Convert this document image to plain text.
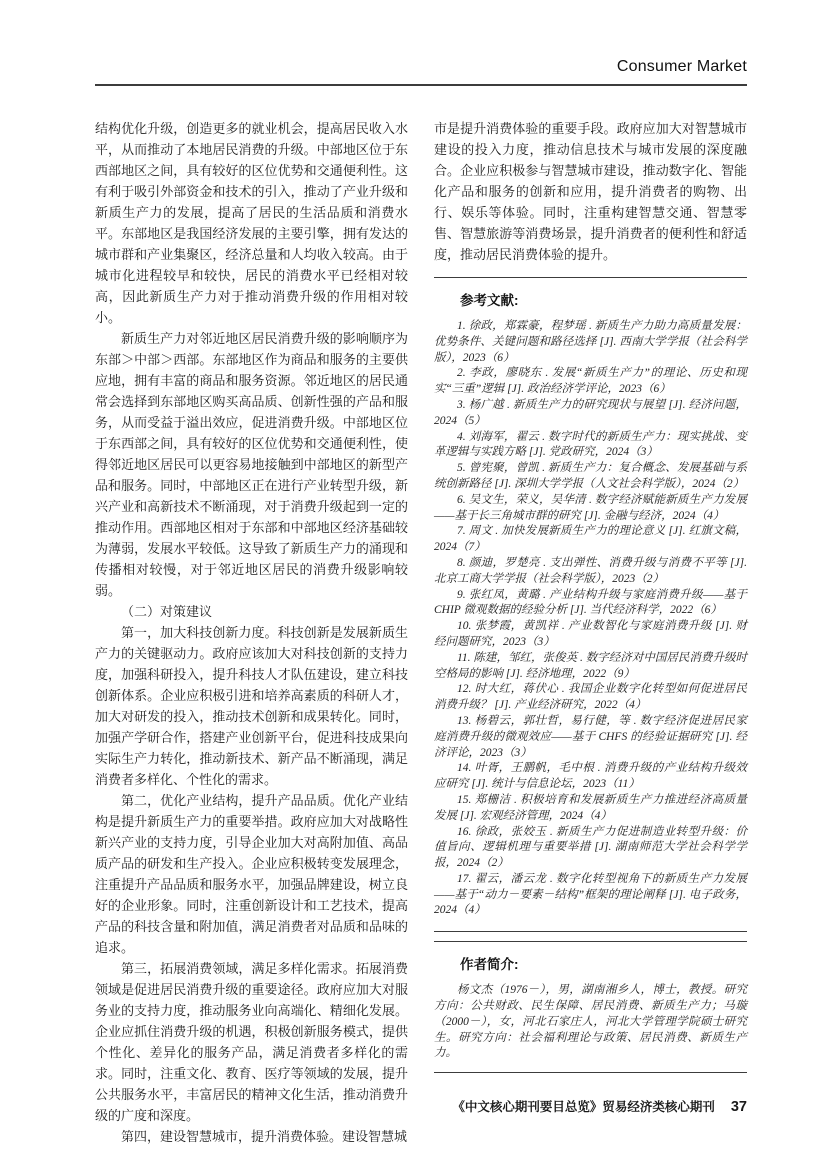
Consumer Market

结构优化升级，创造更多的就业机会，提高居民收入水平，从而推动了本地居民消费的升级。中部地区位于东西部地区之间，具有较好的区位优势和交通便利性。这有利于吸引外部资金和技术的引入，推动了产业升级和新质生产力的发展，提高了居民的生活品质和消费水平。东部地区是我国经济发展的主要引擎，拥有发达的城市群和产业集聚区，经济总量和人均收入较高。由于城市化进程较早和较快，居民的消费水平已经相对较高，因此新质生产力对于推动消费升级的作用相对较小。

新质生产力对邻近地区居民消费升级的影响顺序为东部＞中部＞西部。东部地区作为商品和服务的主要供应地，拥有丰富的商品和服务资源。邻近地区的居民通常会选择到东部地区购买高品质、创新性强的产品和服务，从而受益于溢出效应，促进消费升级。中部地区位于东西部之间，具有较好的区位优势和交通便利性，使得邻近地区居民可以更容易地接触到中部地区的新型产品和服务。同时，中部地区正在进行产业转型升级，新兴产业和高新技术不断涌现，对于消费升级起到一定的推动作用。西部地区相对于东部和中部地区经济基础较为薄弱，发展水平较低。这导致了新质生产力的涌现和传播相对较慢，对于邻近地区居民的消费升级影响较弱。

（二）对策建议

第一，加大科技创新力度。科技创新是发展新质生产力的关键驱动力。政府应该加大对科技创新的支持力度，加强科研投入，提升科技人才队伍建设，建立科技创新体系。企业应积极引进和培养高素质的科研人才，加大对研发的投入，推动技术创新和成果转化。同时，加强产学研合作，搭建产业创新平台，促进科技成果向实际生产力转化，推动新技术、新产品不断涌现，满足消费者多样化、个性化的需求。

第二，优化产业结构，提升产品品质。优化产业结构是提升新质生产力的重要举措。政府应加大对战略性新兴产业的支持力度，引导企业加大对高附加值、高品质产品的研发和生产投入。企业应积极转变发展理念，注重提升产品品质和服务水平，加强品牌建设，树立良好的企业形象。同时，注重创新设计和工艺技术，提高产品的科技含量和附加值，满足消费者对品质和品味的追求。

第三，拓展消费领域，满足多样化需求。拓展消费领域是促进居民消费升级的重要途径。政府应加大对服务业的支持力度，推动服务业向高端化、精细化发展。企业应抓住消费升级的机遇，积极创新服务模式，提供个性化、差异化的服务产品，满足消费者多样化的需求。同时，注重文化、教育、医疗等领域的发展，提升公共服务水平，丰富居民的精神文化生活，推动消费升级的广度和深度。

第四，建设智慧城市，提升消费体验。建设智慧城

市是提升消费体验的重要手段。政府应加大对智慧城市建设的投入力度，推动信息技术与城市发展的深度融合。企业应积极参与智慧城市建设，推动数字化、智能化产品和服务的创新和应用，提升消费者的购物、出行、娱乐等体验。同时，注重构建智慧交通、智慧零售、智慧旅游等消费场景，提升消费者的便利性和舒适度，推动居民消费体验的提升。

参考文献:

1. 徐政，郑霖豪，程梦瑶 . 新质生产力助力高质量发展：优势条件、关键问题和路径选择 [J]. 西南大学学报（社会科学版），2023（6）

2. 李政，廖晓东 . 发展“新质生产力”的理论、历史和现实“三重”逻辑 [J]. 政治经济学评论，2023（6）

3. 杨广越 . 新质生产力的研究现状与展望 [J]. 经济问题，2024（5）

4. 刘海军，翟云 . 数字时代的新质生产力：现实挑战、变革逻辑与实践方略 [J]. 党政研究，2024（3）

5. 曾宪聚，曾凯 . 新质生产力：复合概念、发展基础与系统创新路径 [J]. 深圳大学学报（人文社会科学版），2024（2）

6. 吴文生，荣义，吴华清 . 数字经济赋能新质生产力发展——基于长三角城市群的研究 [J]. 金融与经济，2024（4）

7. 周文 . 加快发展新质生产力的理论意义 [J]. 红旗文稿，2024（7）

8. 颜迪，罗楚亮 . 支出弹性、消费升级与消费不平等 [J]. 北京工商大学学报（社会科学版），2023（2）

9. 张红凤，黄璐 . 产业结构升级与家庭消费升级——基于 CHIP 微观数据的经验分析 [J]. 当代经济科学，2022（6）

10. 张梦霞，黄凯祥 . 产业数智化与家庭消费升级 [J]. 财经问题研究，2023（3）

11. 陈建，邹红，张俊英 . 数字经济对中国居民消费升级时空格局的影响 [J]. 经济地理，2022（9）

12. 时大红，蒋伏心 . 我国企业数字化转型如何促进居民消费升级？ [J]. 产业经济研究，2022（4）

13. 杨碧云，郭壮哲，易行健，等 . 数字经济促进居民家庭消费升级的微观效应——基于 CHFS 的经验证据研究 [J]. 经济评论，2023（3）

14. 叶胥，王鹏帆，毛中根 . 消费升级的产业结构升级效应研究 [J]. 统计与信息论坛，2023（11）

15. 郑栅洁 . 积极培育和发展新质生产力推进经济高质量发展 [J]. 宏观经济管理，2024（4）

16. 徐政，张姣玉 . 新质生产力促进制造业转型升级：价值旨向、逻辑机理与重要举措 [J]. 湖南师范大学社会科学学报，2024（2）

17. 翟云，潘云龙 . 数字化转型视角下的新质生产力发展——基于“动力－要素－结构”框架的理论阐释 [J]. 电子政务，2024（4）

作者简介:

杨文杰（1976－），男，湖南湘乡人，博士，教授。研究方向：公共财政、民生保障、居民消费、新质生产力；马璇（2000－），女，河北石家庄人，河北大学管理学院硕士研究生。研究方向：社会福利理论与政策、居民消费、新质生产力。

《中文核心期刊要目总览》贸易经济类核心期刊 37
